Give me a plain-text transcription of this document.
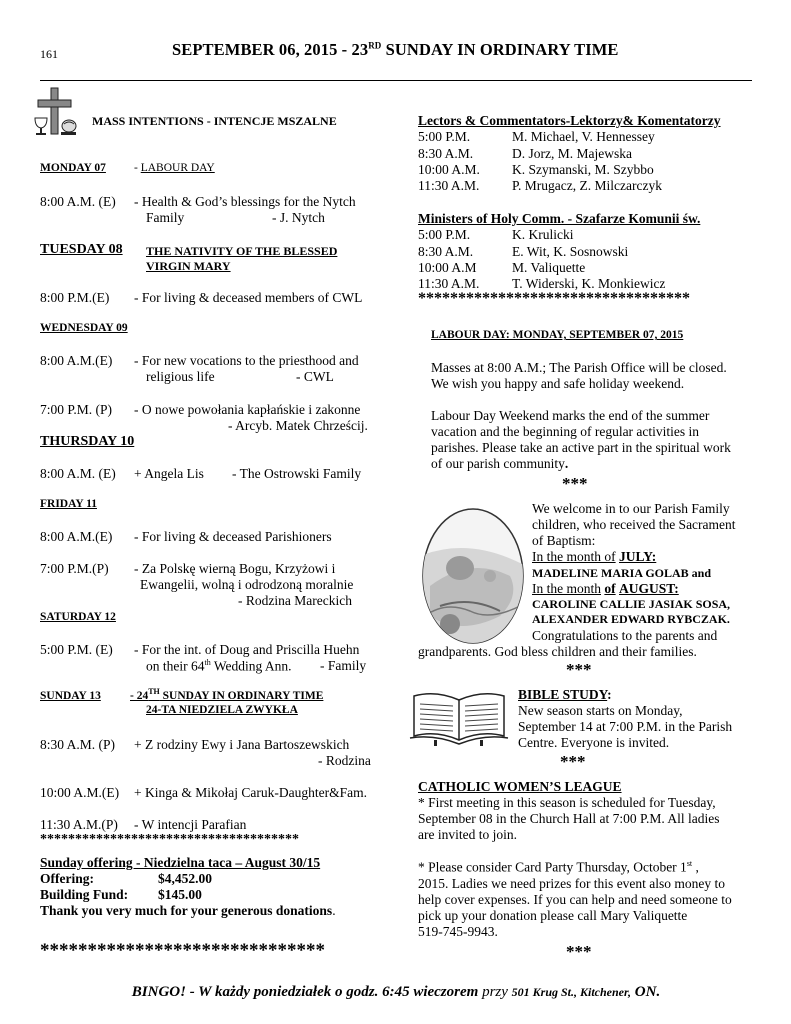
161	SEPTEMBER 06, 2015 - 23RD SUNDAY IN ORDINARY TIME
MASS INTENTIONS - INTENCJE MSZALNE
MONDAY 07 - LABOUR DAY
8:00 A.M. (E) - Health & God’s blessings for the Nytch
Family	- J. Nytch
TUESDAY 08 THE NATIVITY OF THE BLESSED
VIRGIN MARY
8:00 P.M.(E) - For living & deceased members of CWL
WEDNESDAY 09
8:00 A.M.(E) - For new vocations to the priesthood and
religious life	- CWL
7:00 P.M. (P) - O nowe powołania kapłańskie i zakonne
- Arcyb. Matek Chrześcij.
THURSDAY 10
8:00 A.M. (E) + Angela Lis - The Ostrowski Family
FRIDAY 11
8:00 A.M.(E) - For living & deceased Parishioners
7:00 P.M.(P) - Za Polskę wierną Bogu, Krzyżowi i
Ewangelii, wolną i odrodzoną moralnie
- Rodzina Mareckich
SATURDAY 12
5:00 P.M. (E) - For the int. of Doug and Priscilla Huehn
on their 64th Wedding Ann. - Family
SUNDAY 13	- 24TH SUNDAY IN ORDINARY TIME
24-TA NIEDZIELA ZWYKŁA
8:30 A.M. (P) + Z rodziny Ewy i Jana Bartoszewskich
- Rodzina
10:00 A.M.(E) + Kinga & Mikołaj Caruk-Daughter&Fam.
11:30 A.M.(P) - W intencji Parafian
*************************************
Sunday offering - Niedzielna taca – August 30/15
Offering:	$4,452.00
Building Fund: $145.00
Thank you very much for your generous donations.
******************************
Lectors & Commentators-Lektorzy& Komentatorzy
5:00 P.M.	M. Michael, V. Hennessey
8:30 A.M.	D. Jorz, M. Majewska
10:00 A.M. K. Szymanski, M. Szybbo
11:30 A.M. P. Mrugacz, Z. Milczarczyk
Ministers of Holy Comm. - Szafarze Komunii św.
5:00 P.M.	K. Krulicki
8:30 A.M.	E. Wit, K. Sosnowski
10:00 A.M	M. Valiquette
11:30 A.M. T. Widerski, K. Monkiewicz
**********************************
LABOUR DAY: MONDAY, SEPTEMBER 07, 2015
Masses at 8:00 A.M.; The Parish Office will be closed.
We wish you happy and safe holiday weekend.
Labour Day Weekend marks the end of the summer
vacation and the beginning of regular activities in
parishes. Please take an active part in the spiritual work
of our parish community.
***
We welcome in to our Parish Family
children, who received the Sacrament
of Baptism:
In the month of JULY:
MADELINE MARIA GOLAB and
In the month of AUGUST:
CAROLINE CALLIE JASIAK SOSA,
ALEXANDER EDWARD RYBCZAK.
Congratulations to the parents and
grandparents. God bless children and their families.
***
BIBLE STUDY:
New season starts on Monday,
September 14 at 7:00 P.M. in the Parish
Centre. Everyone is invited.
***
CATHOLIC WOMEN’S LEAGUE
* First meeting in this season is scheduled for Tuesday,
September 08 in the Church Hall at 7:00 P.M. All ladies
are invited to join.
* Please consider Card Party Thursday, October 1st ,
2015. Ladies we need prizes for this event also money to
help cover expenses. If you can help and need someone to
pick up your donation please call Mary Valiquette
519-745-9943.
***
BINGO! - W każdy poniedziałek o godz. 6:45 wieczorem przy 501 Krug St., Kitchener, ON.
